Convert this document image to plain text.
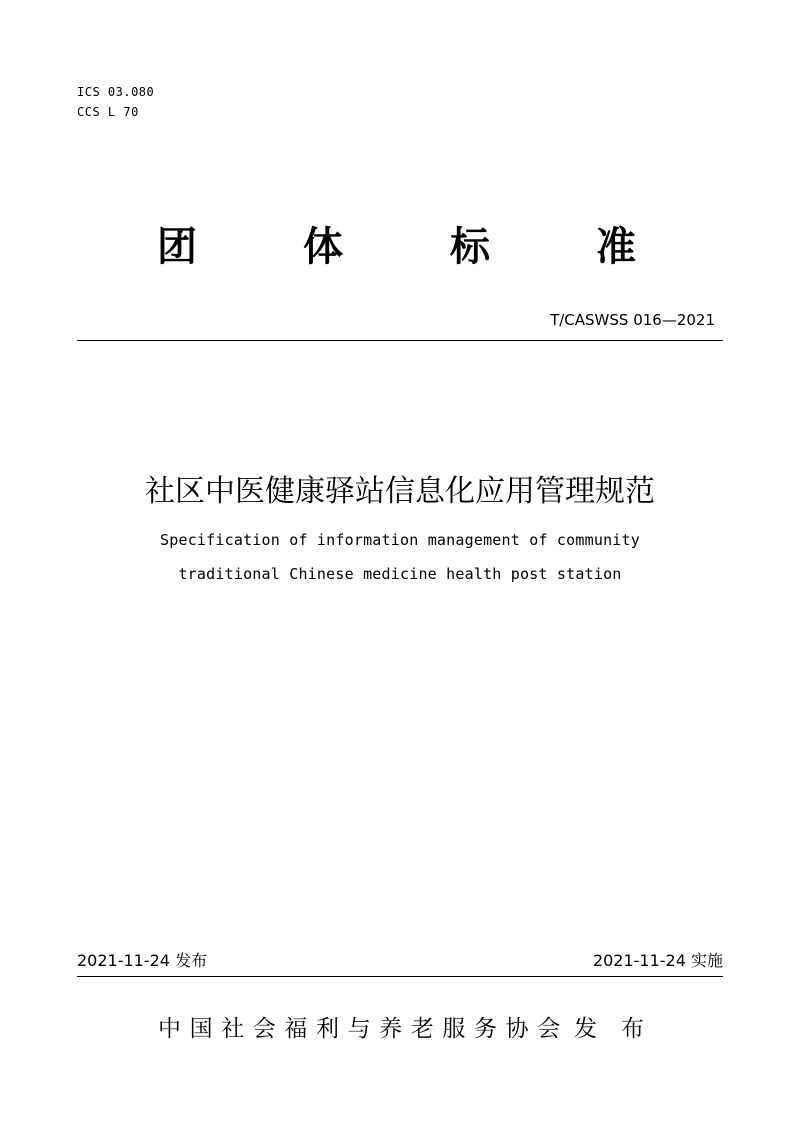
ICS 03.080
CCS L 70
团	体	标	准
T/CASWSS 016—2021
社区中医健康驿站信息化应用管理规范
Specification of information management of community
traditional Chinese medicine health post station
2021-11-24 发布	2021-11-24 实施
中国社会福利与养老服务协会 发布
